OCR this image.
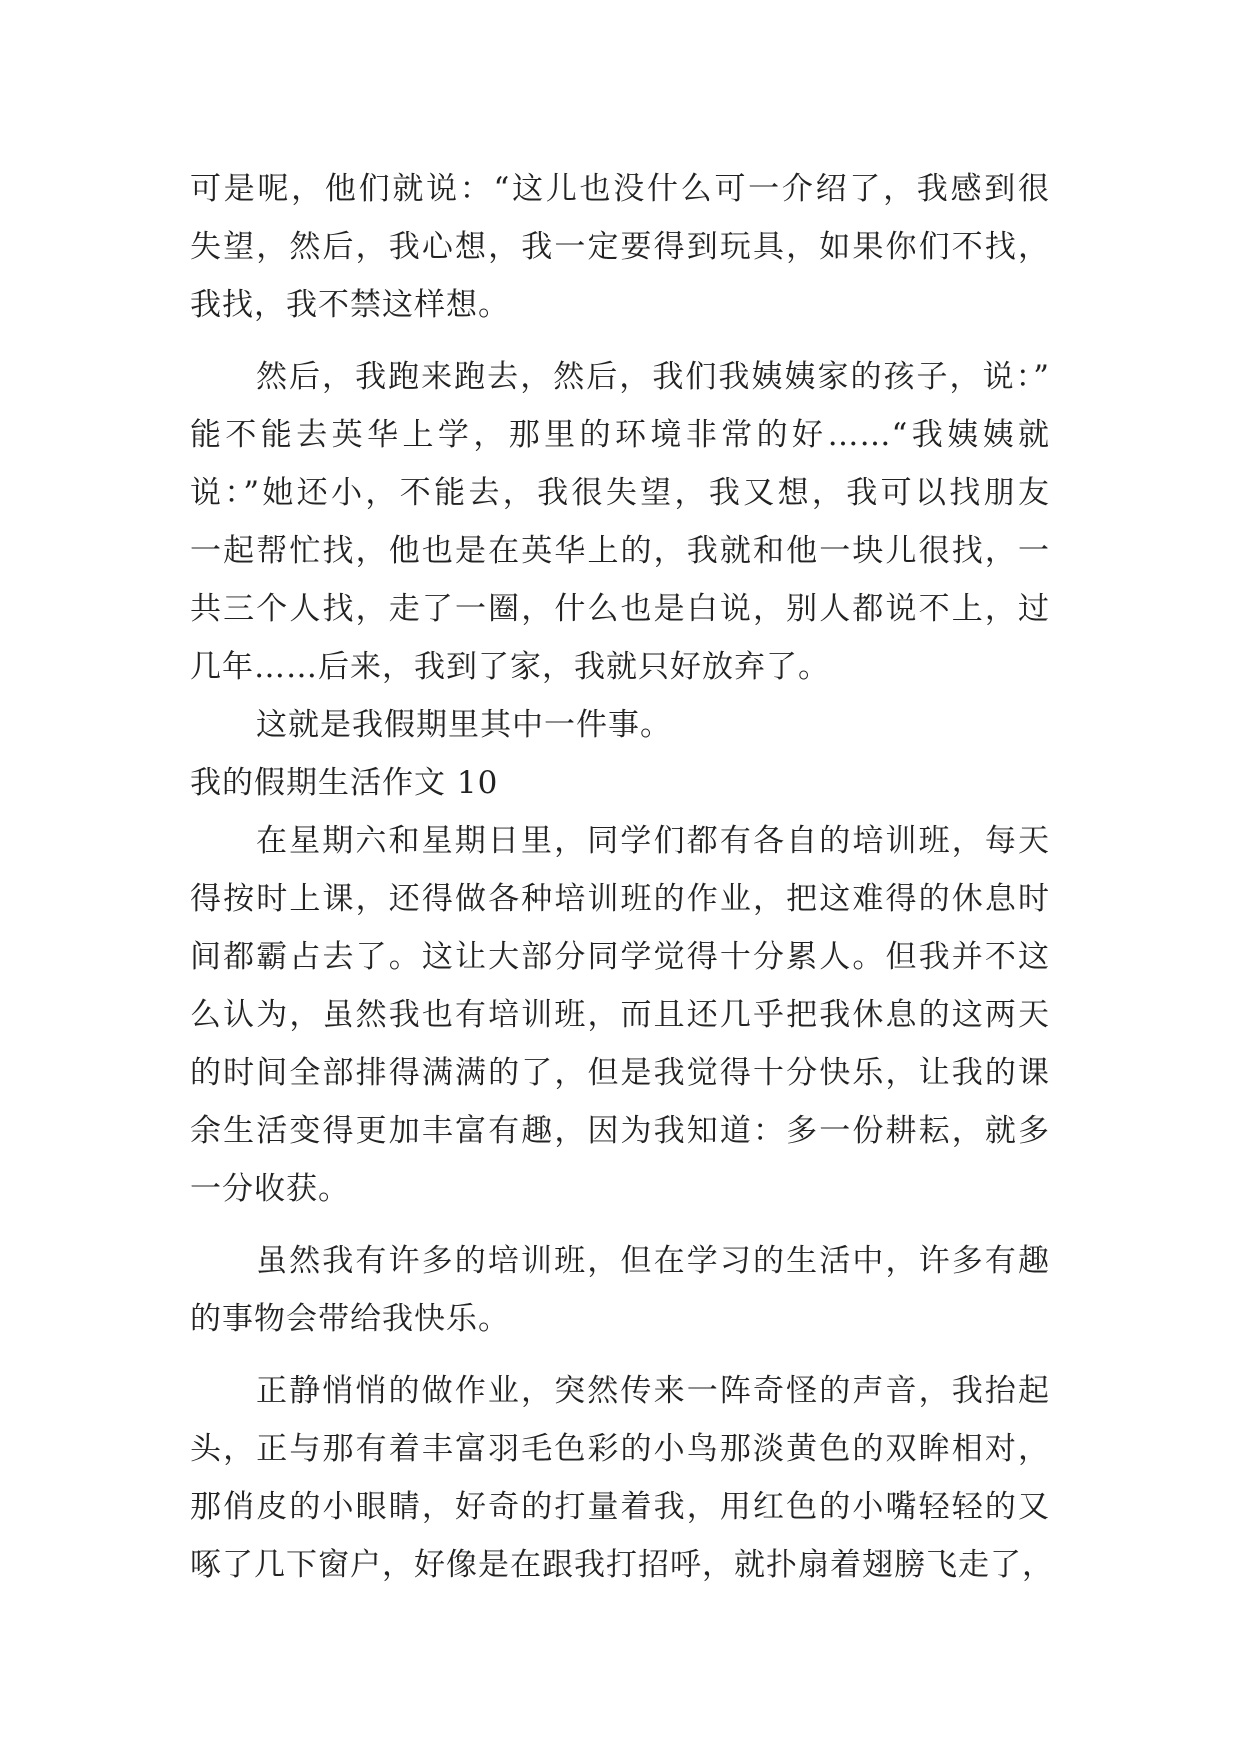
可是呢，他们就说：“这儿也没什么可一介绍了，我感到很
失望，然后，我心想，我一定要得到玩具，如果你们不找，
我找，我不禁这样想。
然后，我跑来跑去，然后，我们我姨姨家的孩子，说：”
能不能去英华上学，那里的环境非常的好……“我姨姨就
说：”她还小，不能去，我很失望，我又想，我可以找朋友
一起帮忙找，他也是在英华上的，我就和他一块儿很找，一
共三个人找，走了一圈，什么也是白说，别人都说不上，过
几年……后来，我到了家，我就只好放弃了。
这就是我假期里其中一件事。
我的假期生活作文 10
在星期六和星期日里，同学们都有各自的培训班，每天
得按时上课，还得做各种培训班的作业，把这难得的休息时
间都霸占去了。这让大部分同学觉得十分累人。但我并不这
么认为，虽然我也有培训班，而且还几乎把我休息的这两天
的时间全部排得满满的了，但是我觉得十分快乐，让我的课
余生活变得更加丰富有趣，因为我知道：多一份耕耘，就多
一分收获。
虽然我有许多的培训班，但在学习的生活中，许多有趣
的事物会带给我快乐。
正静悄悄的做作业，突然传来一阵奇怪的声音，我抬起
头，正与那有着丰富羽毛色彩的小鸟那淡黄色的双眸相对，
那俏皮的小眼睛，好奇的打量着我，用红色的小嘴轻轻的又
啄了几下窗户，好像是在跟我打招呼，就扑扇着翅膀飞走了，
